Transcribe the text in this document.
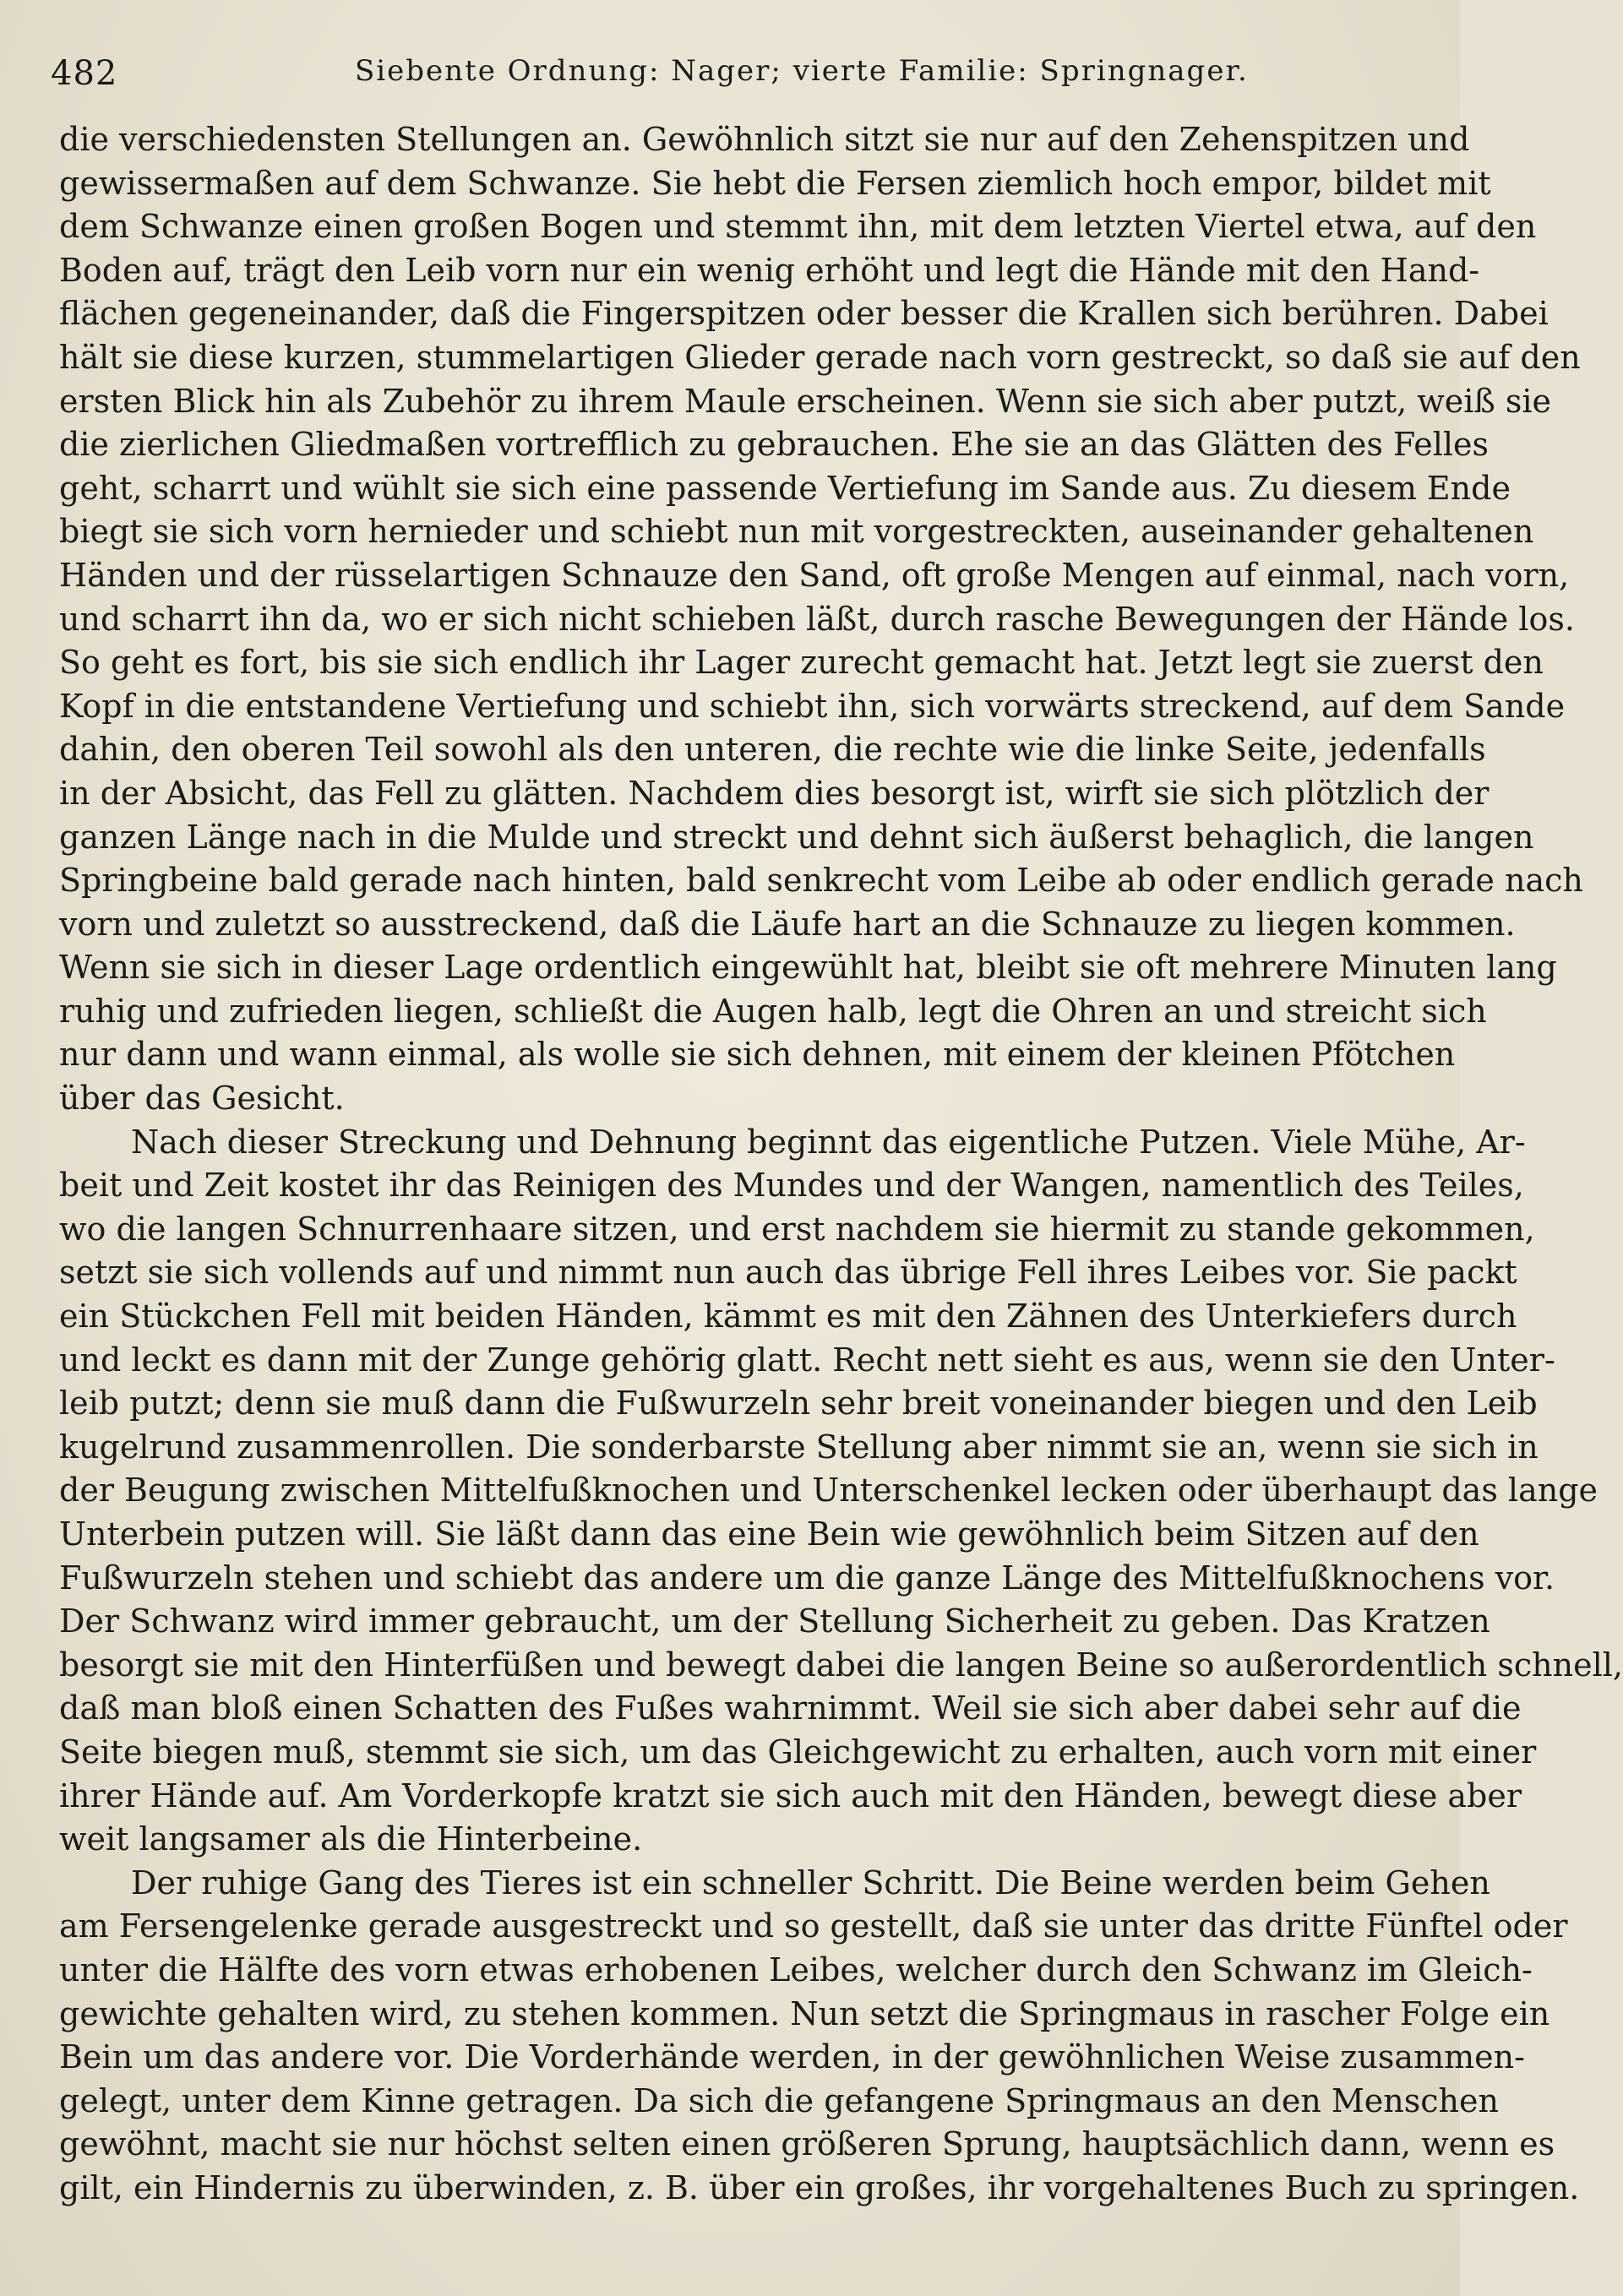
482	Siebente Ordnung: Nager; vierte Familie: Springnager.
die verschiedensten Stellungen an. Gewöhnlich sitzt sie nur auf den Zehenspitzen und
gewissermaßen auf dem Schwanze. Sie hebt die Fersen ziemlich hoch empor, bildet mit
dem Schwanze einen großen Bogen und stemmt ihn, mit dem letzten Viertel etwa, auf den
Boden auf, trägt den Leib vorn nur ein wenig erhöht und legt die Hände mit den Hand-
flächen gegeneinander, daß die Fingerspitzen oder besser die Krallen sich berühren. Dabei
hält sie diese kurzen, stummelartigen Glieder gerade nach vorn gestreckt, so daß sie auf den
ersten Blick hin als Zubehör zu ihrem Maule erscheinen. Wenn sie sich aber putzt, weiß sie
die zierlichen Gliedmaßen vortrefflich zu gebrauchen. Ehe sie an das Glätten des Felles
geht, scharrt und wühlt sie sich eine passende Vertiefung im Sande aus. Zu diesem Ende
biegt sie sich vorn hernieder und schiebt nun mit vorgestreckten, auseinander gehaltenen
Händen und der rüsselartigen Schnauze den Sand, oft große Mengen auf einmal, nach vorn,
und scharrt ihn da, wo er sich nicht schieben läßt, durch rasche Bewegungen der Hände los.
So geht es fort, bis sie sich endlich ihr Lager zurecht gemacht hat. Jetzt legt sie zuerst den
Kopf in die entstandene Vertiefung und schiebt ihn, sich vorwärts streckend, auf dem Sande
dahin, den oberen Teil sowohl als den unteren, die rechte wie die linke Seite, jedenfalls
in der Absicht, das Fell zu glätten. Nachdem dies besorgt ist, wirft sie sich plötzlich der
ganzen Länge nach in die Mulde und streckt und dehnt sich äußerst behaglich, die langen
Springbeine bald gerade nach hinten, bald senkrecht vom Leibe ab oder endlich gerade nach
vorn und zuletzt so ausstreckend, daß die Läufe hart an die Schnauze zu liegen kommen.
Wenn sie sich in dieser Lage ordentlich eingewühlt hat, bleibt sie oft mehrere Minuten lang
ruhig und zufrieden liegen, schließt die Augen halb, legt die Ohren an und streicht sich
nur dann und wann einmal, als wolle sie sich dehnen, mit einem der kleinen Pfötchen
über das Gesicht.
Nach dieser Streckung und Dehnung beginnt das eigentliche Putzen. Viele Mühe, Ar-
beit und Zeit kostet ihr das Reinigen des Mundes und der Wangen, namentlich des Teiles,
wo die langen Schnurrenhaare sitzen, und erst nachdem sie hiermit zu stande gekommen,
setzt sie sich vollends auf und nimmt nun auch das übrige Fell ihres Leibes vor. Sie packt
ein Stückchen Fell mit beiden Händen, kämmt es mit den Zähnen des Unterkiefers durch
und leckt es dann mit der Zunge gehörig glatt. Recht nett sieht es aus, wenn sie den Unter-
leib putzt; denn sie muß dann die Fußwurzeln sehr breit voneinander biegen und den Leib
kugelrund zusammenrollen. Die sonderbarste Stellung aber nimmt sie an, wenn sie sich in
der Beugung zwischen Mittelfußknochen und Unterschenkel lecken oder überhaupt das lange
Unterbein putzen will. Sie läßt dann das eine Bein wie gewöhnlich beim Sitzen auf den
Fußwurzeln stehen und schiebt das andere um die ganze Länge des Mittelfußknochens vor.
Der Schwanz wird immer gebraucht, um der Stellung Sicherheit zu geben. Das Kratzen
besorgt sie mit den Hinterfüßen und bewegt dabei die langen Beine so außerordentlich schnell,
daß man bloß einen Schatten des Fußes wahrnimmt. Weil sie sich aber dabei sehr auf die
Seite biegen muß, stemmt sie sich, um das Gleichgewicht zu erhalten, auch vorn mit einer
ihrer Hände auf. Am Vorderkopfe kratzt sie sich auch mit den Händen, bewegt diese aber
weit langsamer als die Hinterbeine.
Der ruhige Gang des Tieres ist ein schneller Schritt. Die Beine werden beim Gehen
am Fersengelenke gerade ausgestreckt und so gestellt, daß sie unter das dritte Fünftel oder
unter die Hälfte des vorn etwas erhobenen Leibes, welcher durch den Schwanz im Gleich-
gewichte gehalten wird, zu stehen kommen. Nun setzt die Springmaus in rascher Folge ein
Bein um das andere vor. Die Vorderhände werden, in der gewöhnlichen Weise zusammen-
gelegt, unter dem Kinne getragen. Da sich die gefangene Springmaus an den Menschen
gewöhnt, macht sie nur höchst selten einen größeren Sprung, hauptsächlich dann, wenn es
gilt, ein Hindernis zu überwinden, z. B. über ein großes, ihr vorgehaltenes Buch zu springen.
